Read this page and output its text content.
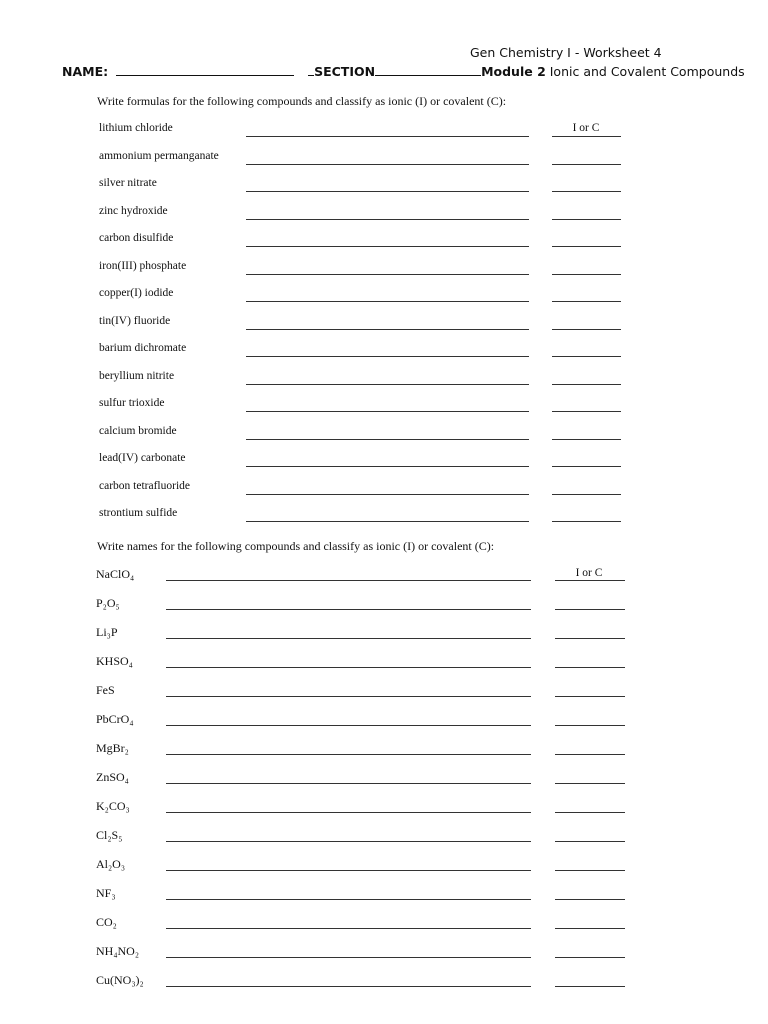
Gen Chemistry I - Worksheet 4
NAME:	SECTION	Module 2 Ionic and Covalent Compounds
Write formulas for the following compounds and classify as ionic (I) or covalent (C):
lithium chloride	I or C
ammonium permanganate
silver nitrate
zinc hydroxide
carbon disulfide
iron(III) phosphate
copper(I) iodide
tin(IV) fluoride
barium dichromate
beryllium nitrite
sulfur trioxide
calcium bromide
lead(IV) carbonate
carbon tetrafluoride
strontium sulfide
Write names for the following compounds and classify as ionic (I) or covalent (C):
NaClO₄	I or C
P₂O₅
Li₃P
KHSO₄
FeS
PbCrO₄
MgBr₂
ZnSO₄
K₂CO₃
Cl₂S₅
Al₂O₃
NF₃
CO₂
NH₄NO₂
Cu(NO₃)₂
